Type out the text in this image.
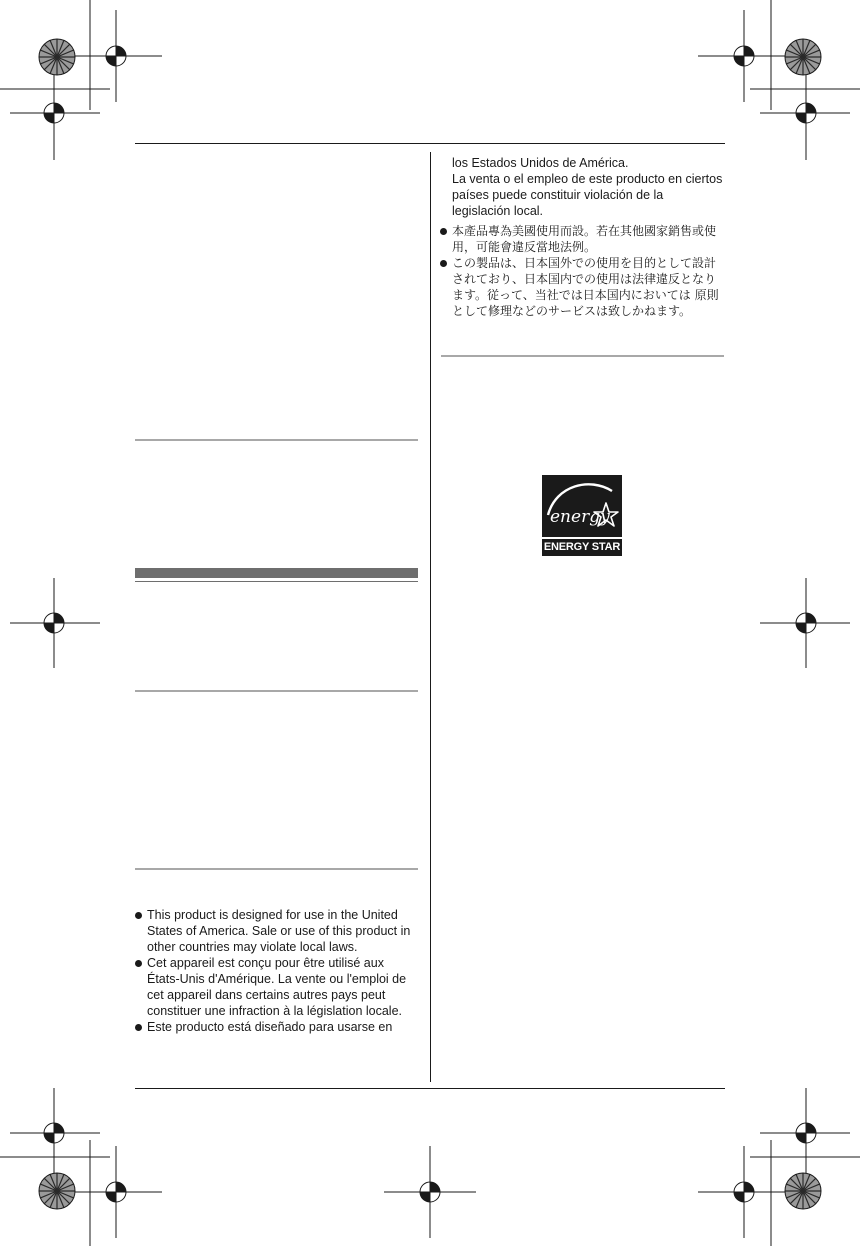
This product is designed for use in the United States of America. Sale or use of this product in other countries may violate local laws.

Cet appareil est conçu pour être utilisé aux États-Unis d'Amérique. La vente ou l'emploi de cet appareil dans certains autres pays peut constituer une infraction à la législation locale.

Este producto está diseñado para usarse en

los Estados Unidos de América.

La venta o el empleo de este producto en ciertos países puede constituir violación de la legislación local.

本產品專為美國使用而設。若在其他國家銷售或使用，可能會違反當地法例。

この製品は、日本国外での使用を目的として設計されており、日本国内での使用は法律違反となります。従って、当社では日本国内においては 原則として修理などのサービスは致しかねます。

energy
ENERGY STAR
